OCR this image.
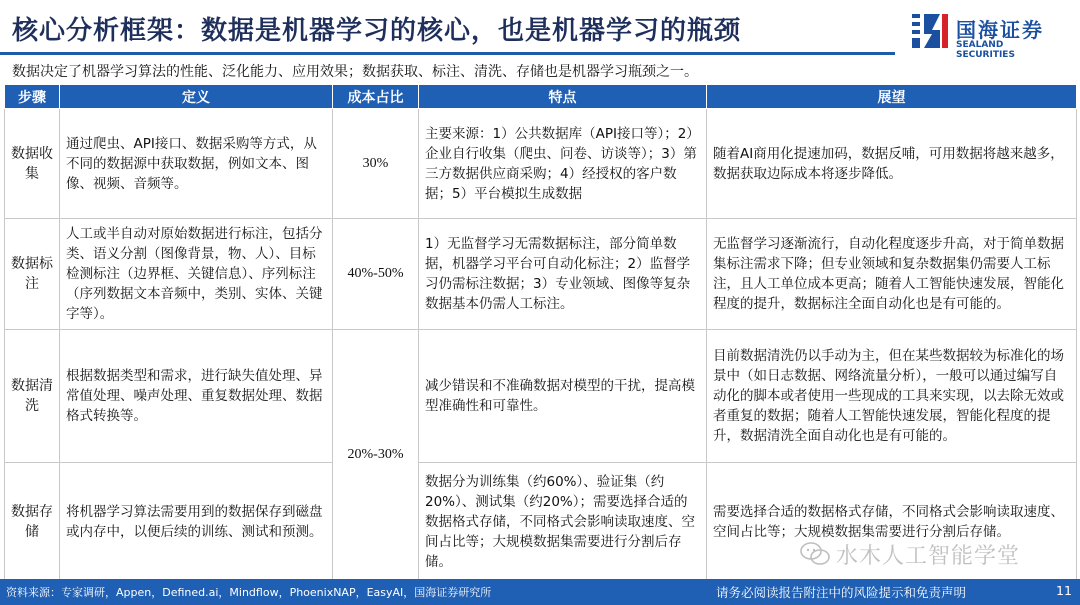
核心分析框架：数据是机器学习的核心，也是机器学习的瓶颈	国海证券
SEALAND SECURITIES
数据决定了机器学习算法的性能、泛化能力、应用效果；数据获取、标注、清洗、存储也是机器学习瓶颈之一。
步骤	定义	成本占比	特点	展望
数据收集	通过爬虫、API接口、数据采购等方式，从不同的数据源中获取数据，例如文本、图像、视频、音频等。	30%	主要来源：1）公共数据库（API接口等）；2）企业自行收集（爬虫、问卷、访谈等）；3）第三方数据供应商采购；4）经授权的客户数据；5）平台模拟生成数据	随着AI商用化提速加码，数据反哺，可用数据将越来越多，数据获取边际成本将逐步降低。
数据标注	人工或半自动对原始数据进行标注，包括分类、语义分割（图像背景，物、人）、目标检测标注（边界框、关键信息）、序列标注（序列数据文本音频中，类别、实体、关键字等）。	40%-50%	1）无监督学习无需数据标注，部分简单数据，机器学习平台可自动化标注；2）监督学习仍需标注数据；3）专业领域、图像等复杂数据基本仍需人工标注。	无监督学习逐渐流行，自动化程度逐步升高，对于简单数据集标注需求下降；但专业领域和复杂数据集仍需要人工标注，且人工单位成本更高；随着人工智能快速发展，智能化程度的提升，数据标注全面自动化也是有可能的。
数据清洗	根据数据类型和需求，进行缺失值处理、异常值处理、噪声处理、重复数据处理、数据格式转换等。	20%-30%	减少错误和不准确数据对模型的干扰，提高模型准确性和可靠性。	目前数据清洗仍以手动为主，但在某些数据较为标准化的场景中（如日志数据、网络流量分析），一般可以通过编写自动化的脚本或者使用一些现成的工具来实现，以去除无效或者重复的数据；随着人工智能快速发展，智能化程度的提升，数据清洗全面自动化也是有可能的。
数据存储	将机器学习算法需要用到的数据保存到磁盘或内存中，以便后续的训练、测试和预测。		数据分为训练集（约60%）、验证集（约20%）、测试集（约20%）；需要选择合适的数据格式存储，不同格式会影响读取速度、空间占比等；大规模数据集需要进行分割后存储。	需要选择合适的数据格式存储，不同格式会影响读取速度、空间占比等；大规模数据集需要进行分割后存储。
水木人工智能学堂
资料来源：专家调研，Appen，Defined.ai，Mindflow，PhoenixNAP，EasyAI，国海证券研究所	请务必阅读报告附注中的风险提示和免责声明	11
